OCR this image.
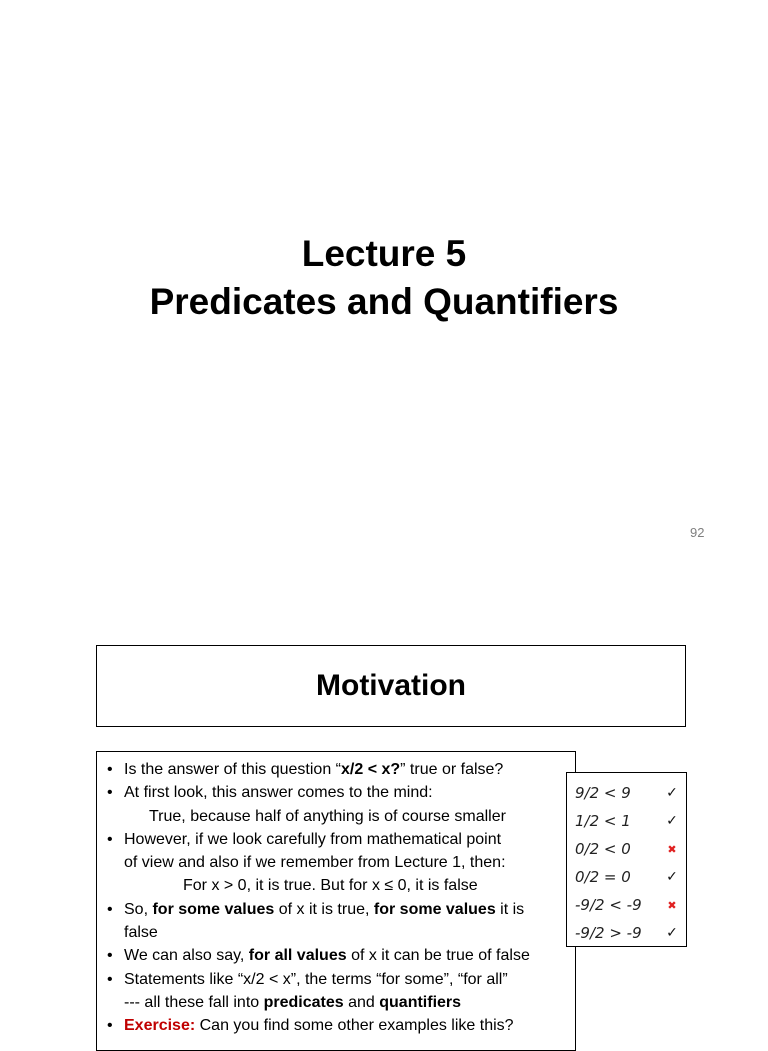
Lecture 5
Predicates and Quantifiers
92
Motivation
• Is the answer of this question “x/2 < x?” true or false?
• At first look, this answer comes to the mind:
True, because half of anything is of course smaller
• However, if we look carefully from mathematical point
of view and also if we remember from Lecture 1, then:
For x > 0, it is true. But for x ≤ 0, it is false
• So, for some values of x it is true, for some values it is
false
• We can also say, for all values of x it can be true of false
• Statements like “x/2 < x”, the terms “for some”, “for all”
--- all these fall into predicates and quantifiers
• Exercise: Can you find some other examples like this?
9/2 < 9	✓
1/2 < 1	✓
0/2 < 0	✖
0/2 = 0	✓
-9/2 < -9	✖
-9/2 > -9 ✓
